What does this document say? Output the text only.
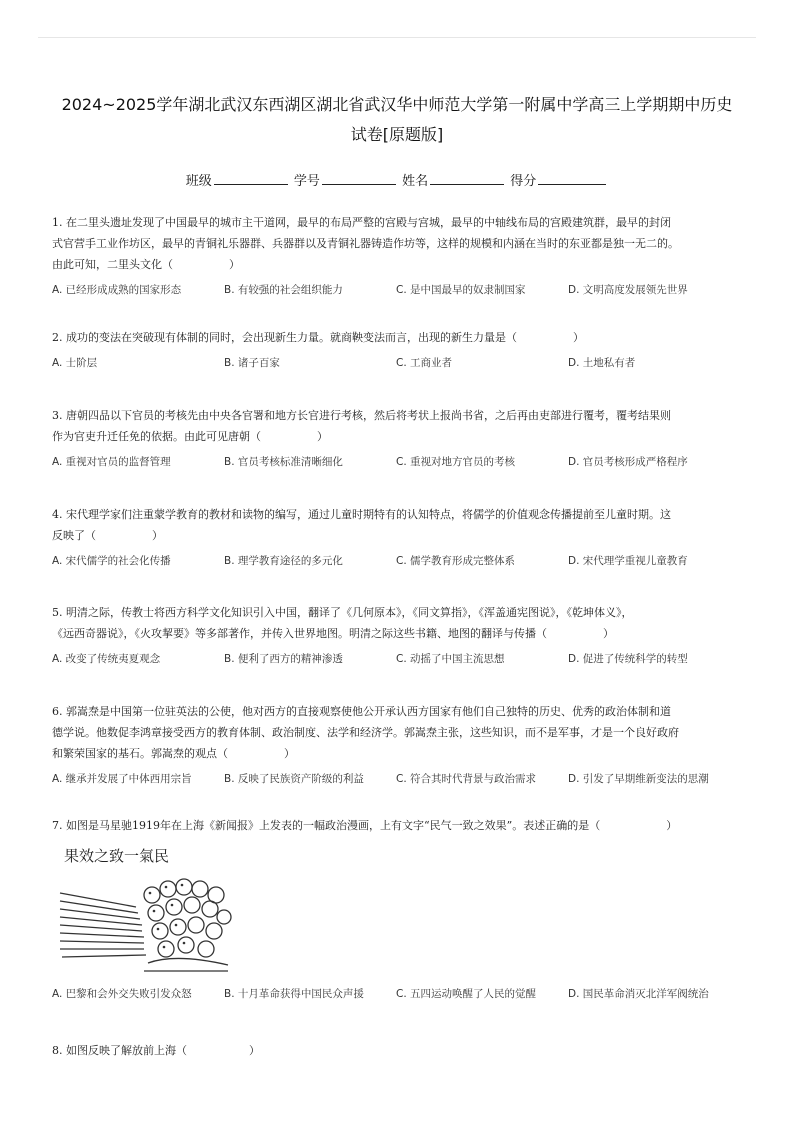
2024~2025学年湖北武汉东西湖区湖北省武汉华中师范大学第一附属中学高三上学期期中历史
试卷[原题版]
班级	学号	姓名	得分
1. 在二里头遗址发现了中国最早的城市主干道网，最早的布局严整的宫殿与宫城，最早的中轴线布局的宫殿建筑群，最早的封闭
式官营手工业作坊区，最早的青铜礼乐器群、兵器群以及青铜礼器铸造作坊等，这样的规模和内涵在当时的东亚都是独一无二的。
由此可知，二里头文化（	）
A. 已经形成成熟的国家形态	B. 有较强的社会组织能力	C. 是中国最早的奴隶制国家	D. 文明高度发展领先世界
2. 成功的变法在突破现有体制的同时，会出现新生力量。就商鞅变法而言，出现的新生力量是（	）
A. 士阶层	B. 诸子百家	C. 工商业者	D. 土地私有者
3. 唐朝四品以下官员的考核先由中央各官署和地方长官进行考核，然后将考状上报尚书省，之后再由吏部进行覆考，覆考结果则
作为官吏升迁任免的依据。由此可见唐朝（	）
A. 重视对官员的监督管理	B. 官员考核标准清晰细化	C. 重视对地方官员的考核	D. 官员考核形成严格程序
4. 宋代理学家们注重蒙学教育的教材和读物的编写，通过儿童时期特有的认知特点，将儒学的价值观念传播提前至儿童时期。这
反映了（	）
A. 宋代儒学的社会化传播	B. 理学教育途径的多元化	C. 儒学教育形成完整体系	D. 宋代理学重视儿童教育
5. 明清之际，传教士将西方科学文化知识引入中国，翻译了《几何原本》，《同文算指》，《浑盖通宪图说》，《乾坤体义》，
《远西奇器说》，《火攻挈要》等多部著作，并传入世界地图。明清之际这些书籍、地图的翻译与传播（	）
A. 改变了传统夷夏观念	B. 便利了西方的精神渗透	C. 动摇了中国主流思想	D. 促进了传统科学的转型
6. 郭嵩焘是中国第一位驻英法的公使，他对西方的直接观察使他公开承认西方国家有他们自己独特的历史、优秀的政治体制和道
德学说。他数促李鸿章接受西方的教育体制、政治制度、法学和经济学。郭嵩焘主张，这些知识，而不是军事，才是一个良好政府
和繁荣国家的基石。郭嵩焘的观点（	）
A. 继承并发展了中体西用宗旨	B. 反映了民族资产阶级的利益	C. 符合其时代背景与政治需求	D. 引发了早期维新变法的思潮
7. 如图是马星驰1919年在上海《新闻报》上发表的一幅政治漫画，上有文字“民气一致之效果”。表述正确的是（	）
果效之致一氣民
A. 巴黎和会外交失败引发众怒	B. 十月革命获得中国民众声援	C. 五四运动唤醒了人民的觉醒	D. 国民革命消灭北洋军阀统治
8. 如图反映了解放前上海（	）
